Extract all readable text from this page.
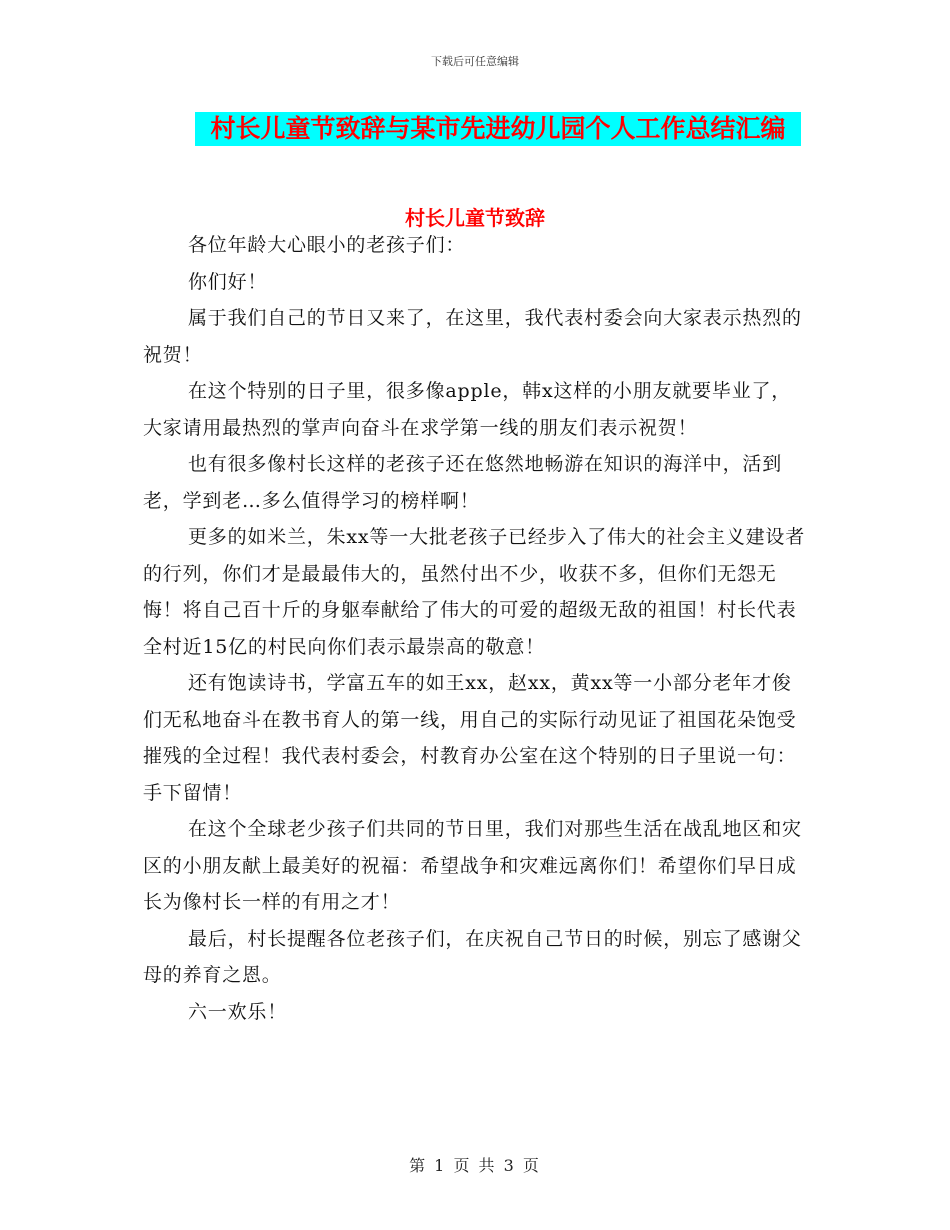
下载后可任意编辑
村长儿童节致辞与某市先进幼儿园个人工作总结汇编
村长儿童节致辞

各位年龄大心眼小的老孩子们：

你们好！

属于我们自己的节日又来了，在这里，我代表村委会向大家表示热烈的祝贺！

在这个特别的日子里，很多像apple，韩x这样的小朋友就要毕业了，大家请用最热烈的掌声向奋斗在求学第一线的朋友们表示祝贺！

也有很多像村长这样的老孩子还在悠然地畅游在知识的海洋中，活到老，学到老…多么值得学习的榜样啊！

更多的如米兰，朱xx等一大批老孩子已经步入了伟大的社会主义建设者的行列，你们才是最最伟大的，虽然付出不少，收获不多，但你们无怨无悔！将自己百十斤的身躯奉献给了伟大的可爱的超级无敌的祖国！村长代表全村近15亿的村民向你们表示最崇高的敬意！

还有饱读诗书，学富五车的如王xx，赵xx，黄xx等一小部分老年才俊们无私地奋斗在教书育人的第一线，用自己的实际行动见证了祖国花朵饱受摧残的全过程！我代表村委会，村教育办公室在这个特别的日子里说一句：手下留情！

在这个全球老少孩子们共同的节日里，我们对那些生活在战乱地区和灾区的小朋友献上最美好的祝福：希望战争和灾难远离你们！希望你们早日成长为像村长一样的有用之才！

最后，村长提醒各位老孩子们，在庆祝自己节日的时候，别忘了感谢父母的养育之恩。

六一欢乐！

第 1 页 共 3 页
